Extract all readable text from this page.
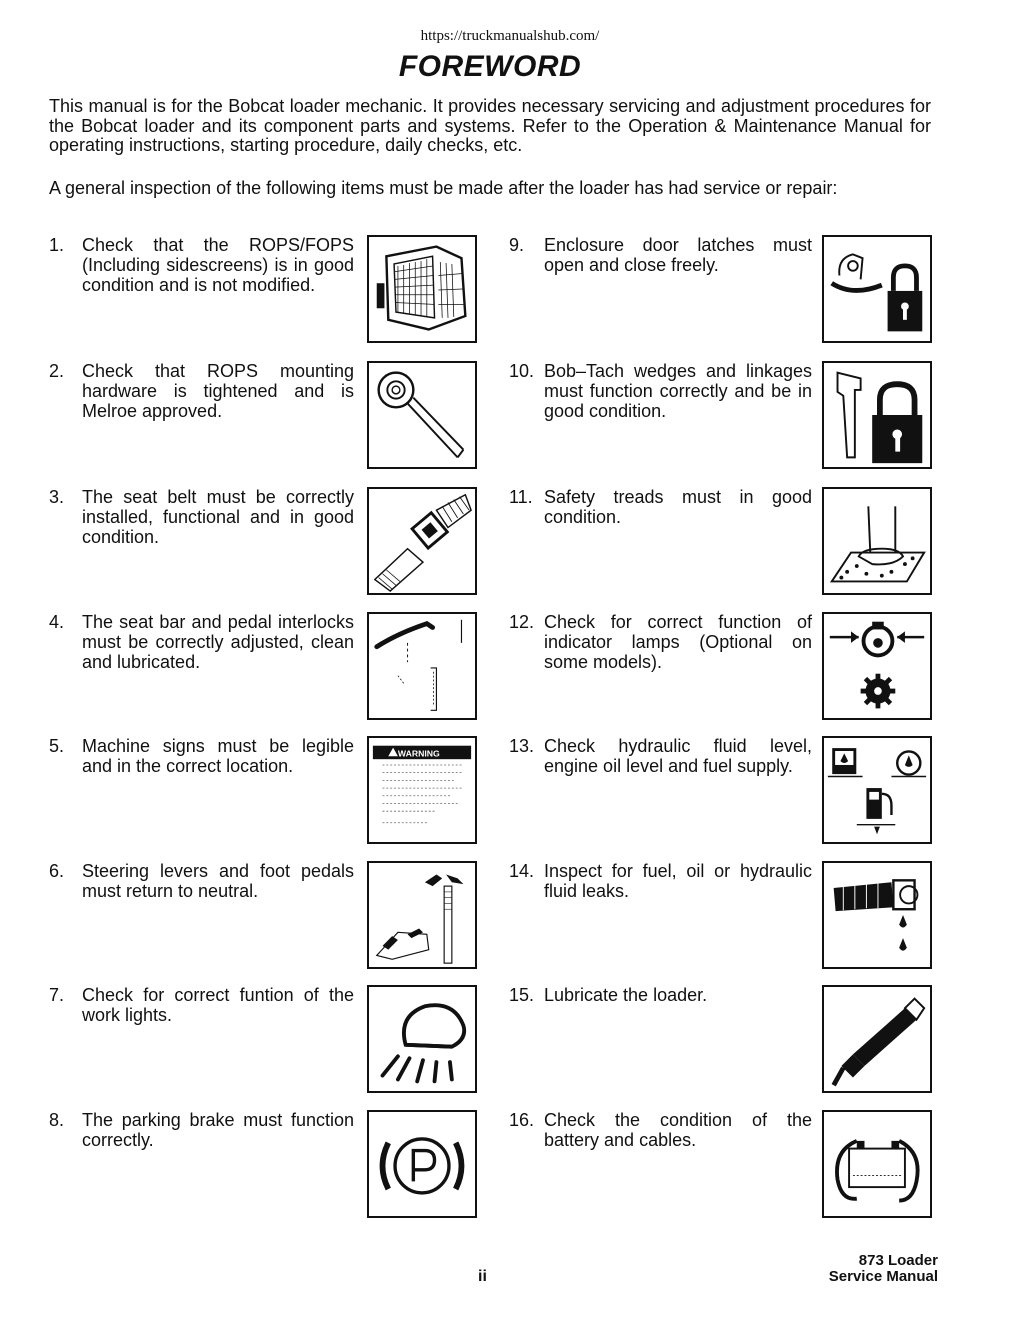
https://truckmanualshub.com/
FOREWORD
This manual is for the Bobcat loader mechanic. It provides necessary servicing and adjustment procedures for the Bobcat loader and its component parts and systems. Refer to the Operation & Maintenance Manual for operating instructions, starting procedure, daily checks, etc.
A general inspection of the following items must be made after the loader has had service or repair:
1. Check that the ROPS/FOPS (Including sidescreens) is in good condition and is not modified.
2. Check that ROPS mounting hardware is tightened and is Melroe approved.
3. The seat belt must be correctly installed, functional and in good condition.
4. The seat bar and pedal interlocks must be correctly adjusted, clean and lubricated.
5. Machine signs must be legible and in the correct location.
WARNING
6. Steering levers and foot pedals must return to neutral.
7. Check for correct funtion of the work lights.
8. The parking brake must function correctly.
9.	Enclosure door latches must open and close freely.
10. Bob–Tach wedges and linkages must function correctly and be in good condition.
11. Safety treads must in good condition.
12. Check for correct function of indicator lamps (Optional on some models).
13. Check hydraulic fluid level, engine oil level and fuel supply.
14. Inspect for fuel, oil or hydraulic fluid leaks.
15. Lubricate the loader.
16. Check the condition of the battery and cables.
ii
873 Loader
Service Manual
